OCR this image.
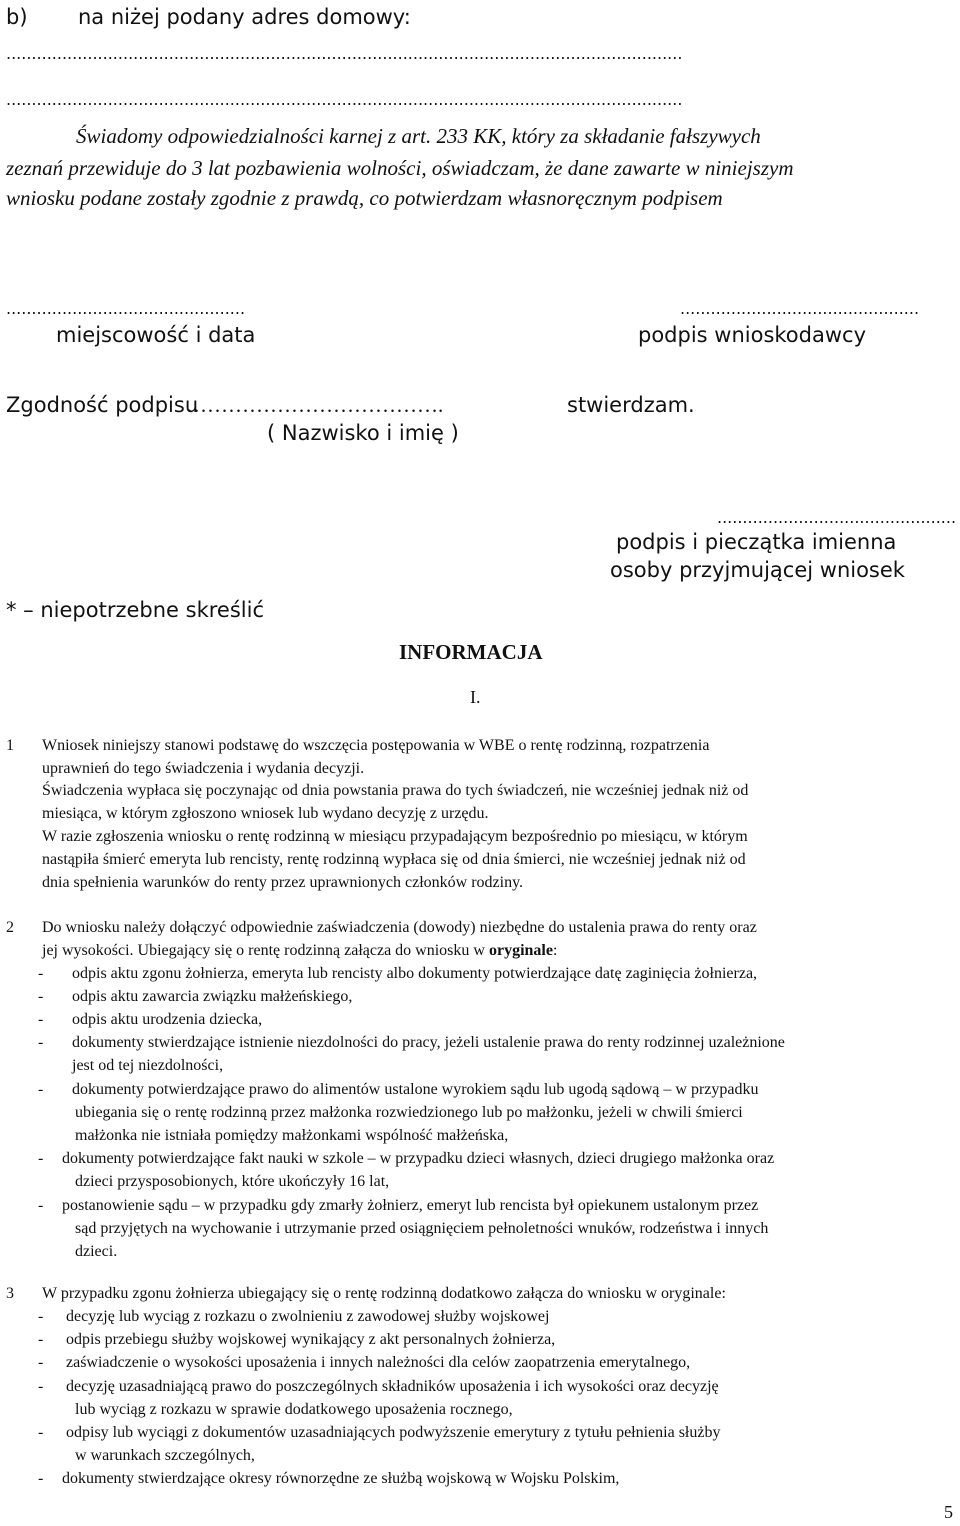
b) na niżej podany adres domowy:
.....................................................................................................................................
.....................................................................................................................................
Świadomy odpowiedzialności karnej z art. 233 KK, który za składanie fałszywych
zeznań przewiduje do 3 lat pozbawienia wolności, oświadczam, że dane zawarte w niniejszym
wniosku podane zostały zgodnie z prawdą, co potwierdzam własnoręcznym podpisem
...............................................
miejscowość i data
...............................................
podpis wnioskodawcy
Zgodność podpisu
……………………………….	stwierdzam.
( Nazwisko i imię )
...............................................
podpis i pieczątka imienna
osoby przyjmującej wniosek
* – niepotrzebne skreślić
INFORMACJA
I.
1 Wniosek niniejszy stanowi podstawę do wszczęcia postępowania w WBE o rentę rodzinną, rozpatrzenia
uprawnień do tego świadczenia i wydania decyzji.
Świadczenia wypłaca się poczynając od dnia powstania prawa do tych świadczeń, nie wcześniej jednak niż od
miesiąca, w którym zgłoszono wniosek lub wydano decyzję z urzędu.
W razie zgłoszenia wniosku o rentę rodzinną w miesiącu przypadającym bezpośrednio po miesiącu, w którym
nastąpiła śmierć emeryta lub rencisty, rentę rodzinną wypłaca się od dnia śmierci, nie wcześniej jednak niż od
dnia spełnienia warunków do renty przez uprawnionych członków rodziny.
2 Do wniosku należy dołączyć odpowiednie zaświadczenia (dowody) niezbędne do ustalenia prawa do renty oraz
jej wysokości. Ubiegający się o rentę rodzinną załącza do wniosku w oryginale:
- odpis aktu zgonu żołnierza, emeryta lub rencisty albo dokumenty potwierdzające datę zaginięcia żołnierza,
- odpis aktu zawarcia związku małżeńskiego,
- odpis aktu urodzenia dziecka,
- dokumenty stwierdzające istnienie niezdolności do pracy, jeżeli ustalenie prawa do renty rodzinnej uzależnione
jest od tej niezdolności,
- dokumenty potwierdzające prawo do alimentów ustalone wyrokiem sądu lub ugodą sądową – w przypadku
ubiegania się o rentę rodzinną przez małżonka rozwiedzionego lub po małżonku, jeżeli w chwili śmierci
małżonka nie istniała pomiędzy małżonkami wspólność małżeńska,
- dokumenty potwierdzające fakt nauki w szkole – w przypadku dzieci własnych, dzieci drugiego małżonka oraz
dzieci przysposobionych, które ukończyły 16 lat,
- postanowienie sądu – w przypadku gdy zmarły żołnierz, emeryt lub rencista był opiekunem ustalonym przez
sąd przyjętych na wychowanie i utrzymanie przed osiągnięciem pełnoletności wnuków, rodzeństwa i innych
dzieci.
3 W przypadku zgonu żołnierza ubiegający się o rentę rodzinną dodatkowo załącza do wniosku w oryginale:
- decyzję lub wyciąg z rozkazu o zwolnieniu z zawodowej służby wojskowej
- odpis przebiegu służby wojskowej wynikający z akt personalnych żołnierza,
- zaświadczenie o wysokości uposażenia i innych należności dla celów zaopatrzenia emerytalnego,
- decyzję uzasadniającą prawo do poszczególnych składników uposażenia i ich wysokości oraz decyzję
lub wyciąg z rozkazu w sprawie dodatkowego uposażenia rocznego,
- odpisy lub wyciągi z dokumentów uzasadniających podwyższenie emerytury z tytułu pełnienia służby
w warunkach szczególnych,
- dokumenty stwierdzające okresy równorzędne ze służbą wojskową w Wojsku Polskim,
5
